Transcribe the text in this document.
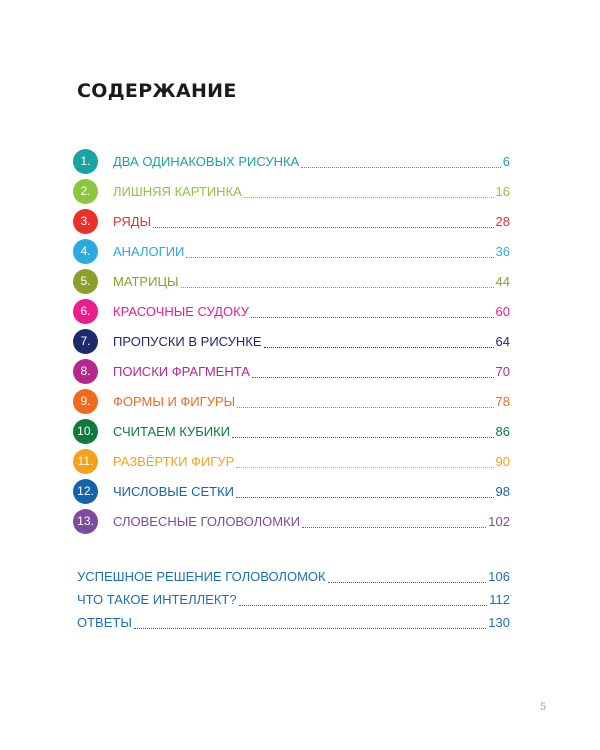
СОДЕРЖАНИЕ
1.	ДВА ОДИНАКОВЫХ РИСУНКА	6
2.	ЛИШНЯЯ КАРТИНКА	16
3.	РЯДЫ	28
4.	АНАЛОГИИ	36
5.	МАТРИЦЫ	44
6.	КРАСОЧНЫЕ СУДОКУ	60
7.	ПРОПУСКИ В РИСУНКЕ	64
8.	ПОИСКИ ФРАГМЕНТА	70
9.	ФОРМЫ И ФИГУРЫ	78
10.	СЧИТАЕМ КУБИКИ	86
11.	РАЗВЁРТКИ ФИГУР	90
12.	ЧИСЛОВЫЕ СЕТКИ	98
13.	СЛОВЕСНЫЕ ГОЛОВОЛОМКИ	102
УСПЕШНОЕ РЕШЕНИЕ ГОЛОВОЛОМОК	106
ЧТО ТАКОЕ ИНТЕЛЛЕКТ?	112
ОТВЕТЫ	130
5
